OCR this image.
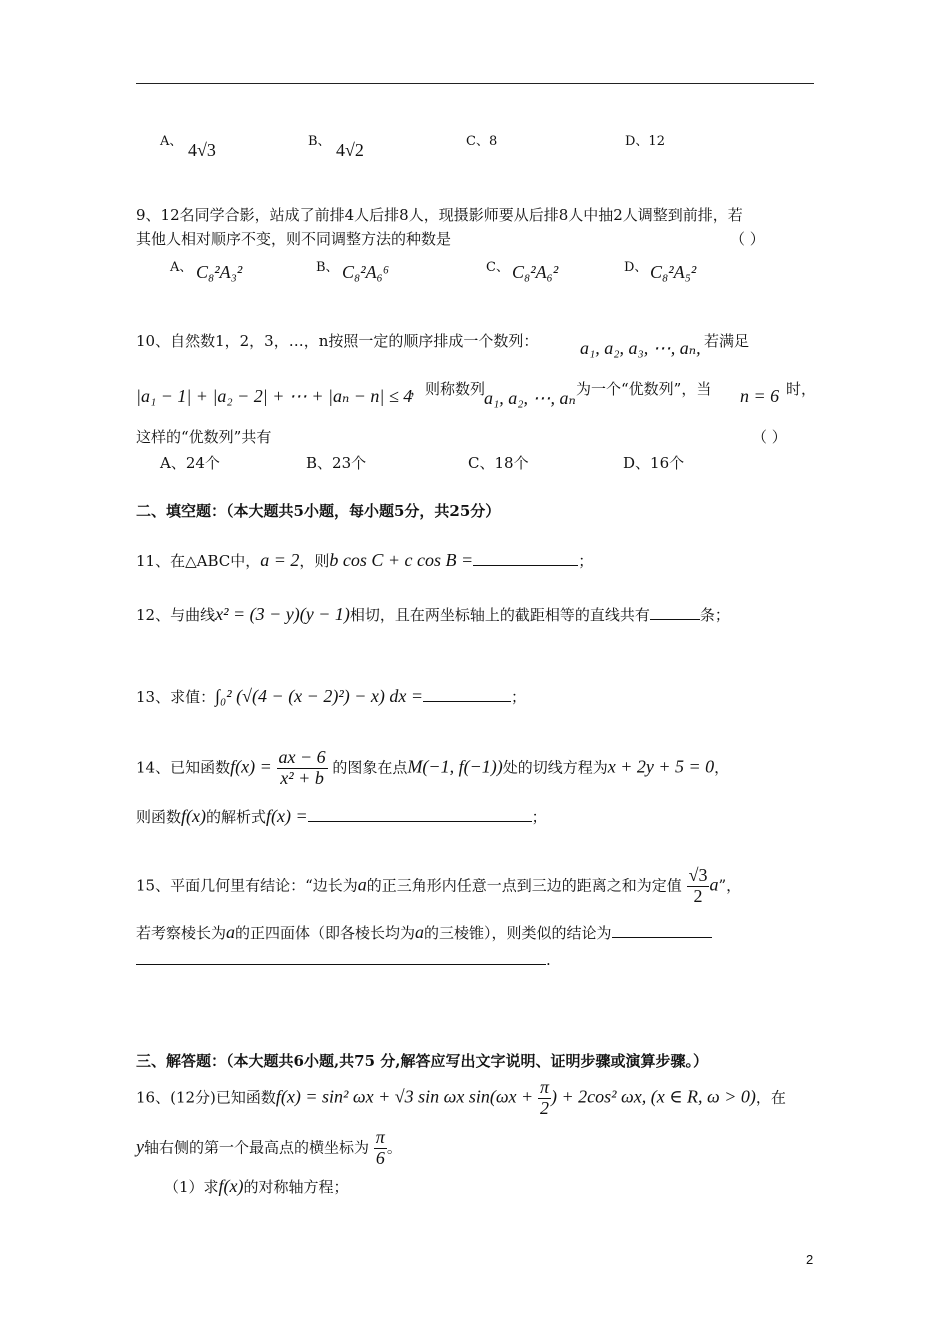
A、 4√3	B、 4√2	C、8	D、12
9、12名同学合影，站成了前排4人后排8人，现摄影师要从后排8人中抽2人调整到前排，若
其他人相对顺序不变，则不同调整方法的种数是	（ ）
A、 C₈²A₃²	B、 C₈²A₆⁶	C、 C₈²A₆²	D、 C₈²A₅²
10、自然数1，2，3，…，n按照一定的顺序排成一个数列： a₁, a₂, a₃, ⋯, aₙ, 若满足
|a₁ − 1| + |a₂ − 2| + ⋯ + |aₙ − n| ≤ 4
，则称数列
a₁, a₂, ⋯, aₙ 为一个“优数列”，当 n = 6 时，
这样的“优数列”共有	（ ）
A、24个	B、23个	C、18个	D、16个
二、填空题：（本大题共5小题，每小题5分，共25分）
11、在△ABC中，a = 2，则b cos C + c cos B =	；
12、与曲线x² = (3 − y)(y − 1)相切，且在两坐标轴上的截距相等的直线共有	条；
13、求值：∫₀² (√(4 − (x − 2)²) − x) dx =	；
14、已知函数$f(x) = \frac{ax - 6}{\text{x² + b}}$ 的图象在点M(−1, f(−1))处的切线方程为x + 2y + 5 = 0，
则函数f(x)的解析式f(x) =	；
15、平面几何里有结论：“边长为a的正三角形内任意一点到三边的距离之和为定值 $\frac{√3}{2} a$”，
若考察棱长为a的正四面体（即各棱长均为a的三棱锥），则类似的结论为
.
三、解答题：（本大题共6小题,共75 分,解答应写出文字说明、证明步骤或演算步骤。）
16、(12分)已知函数f(x) = sin² ωx + √3 sin ωx $\sin(\omega x + \frac{\pi}{2}$ ) + 2cos² ωx, (x ∈ R, ω > 0)，在
y轴右侧的第一个最高点的横坐标为 $\frac{\pi}{6}$ 。
（1）求f(x)的对称轴方程；
2
